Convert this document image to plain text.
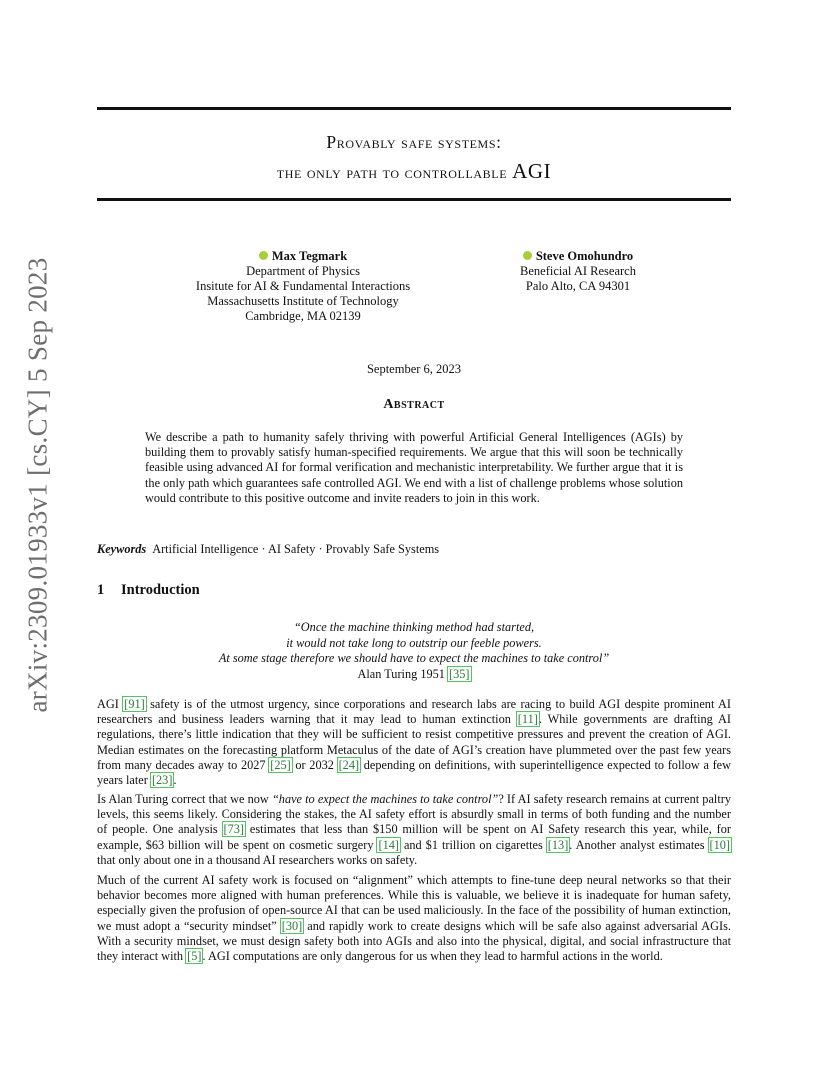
arXiv:2309.01933v1 [cs.CY] 5 Sep 2023
Provably safe systems:
the only path to controllable AGI
Max Tegmark
Department of Physics
Insitute for AI & Fundamental Interactions
Massachusetts Institute of Technology
Cambridge, MA 02139
Steve Omohundro
Beneficial AI Research
Palo Alto, CA 94301
September 6, 2023
Abstract
We describe a path to humanity safely thriving with powerful Artificial General Intelligences (AGIs) by building them to provably satisfy human-specified requirements. We argue that this will soon be technically feasible using advanced AI for formal verification and mechanistic interpretability. We further argue that it is the only path which guarantees safe controlled AGI. We end with a list of challenge problems whose solution would contribute to this positive outcome and invite readers to join in this work.
Keywords Artificial Intelligence · AI Safety · Provably Safe Systems
1 Introduction
“Once the machine thinking method had started,
it would not take long to outstrip our feeble powers.
At some stage therefore we should have to expect the machines to take control”
Alan Turing 1951 [35]

AGI [91] safety is of the utmost urgency, since corporations and research labs are racing to build AGI despite prominent AI researchers and business leaders warning that it may lead to human extinction [11]. While governments are drafting AI regulations, there’s little indication that they will be sufficient to resist competitive pressures and prevent the creation of AGI. Median estimates on the forecasting platform Metaculus of the date of AGI’s creation have plummeted over the past few years from many decades away to 2027 [25] or 2032 [24] depending on definitions, with superintelligence expected to follow a few years later [23].

Is Alan Turing correct that we now “have to expect the machines to take control”? If AI safety research remains at current paltry levels, this seems likely. Considering the stakes, the AI safety effort is absurdly small in terms of both funding and the number of people. One analysis [73] estimates that less than $150 million will be spent on AI Safety research this year, while, for example, $63 billion will be spent on cosmetic surgery [14] and $1 trillion on cigarettes [13]. Another analyst estimates [10] that only about one in a thousand AI researchers works on safety.

Much of the current AI safety work is focused on “alignment” which attempts to fine-tune deep neural networks so that their behavior becomes more aligned with human preferences. While this is valuable, we believe it is inadequate for human safety, especially given the profusion of open-source AI that can be used maliciously. In the face of the possibility of human extinction, we must adopt a “security mindset” [30] and rapidly work to create designs which will be safe also against adversarial AGIs. With a security mindset, we must design safety both into AGIs and also into the physical, digital, and social infrastructure that they interact with [5]. AGI computations are only dangerous for us when they lead to harmful actions in the world.
